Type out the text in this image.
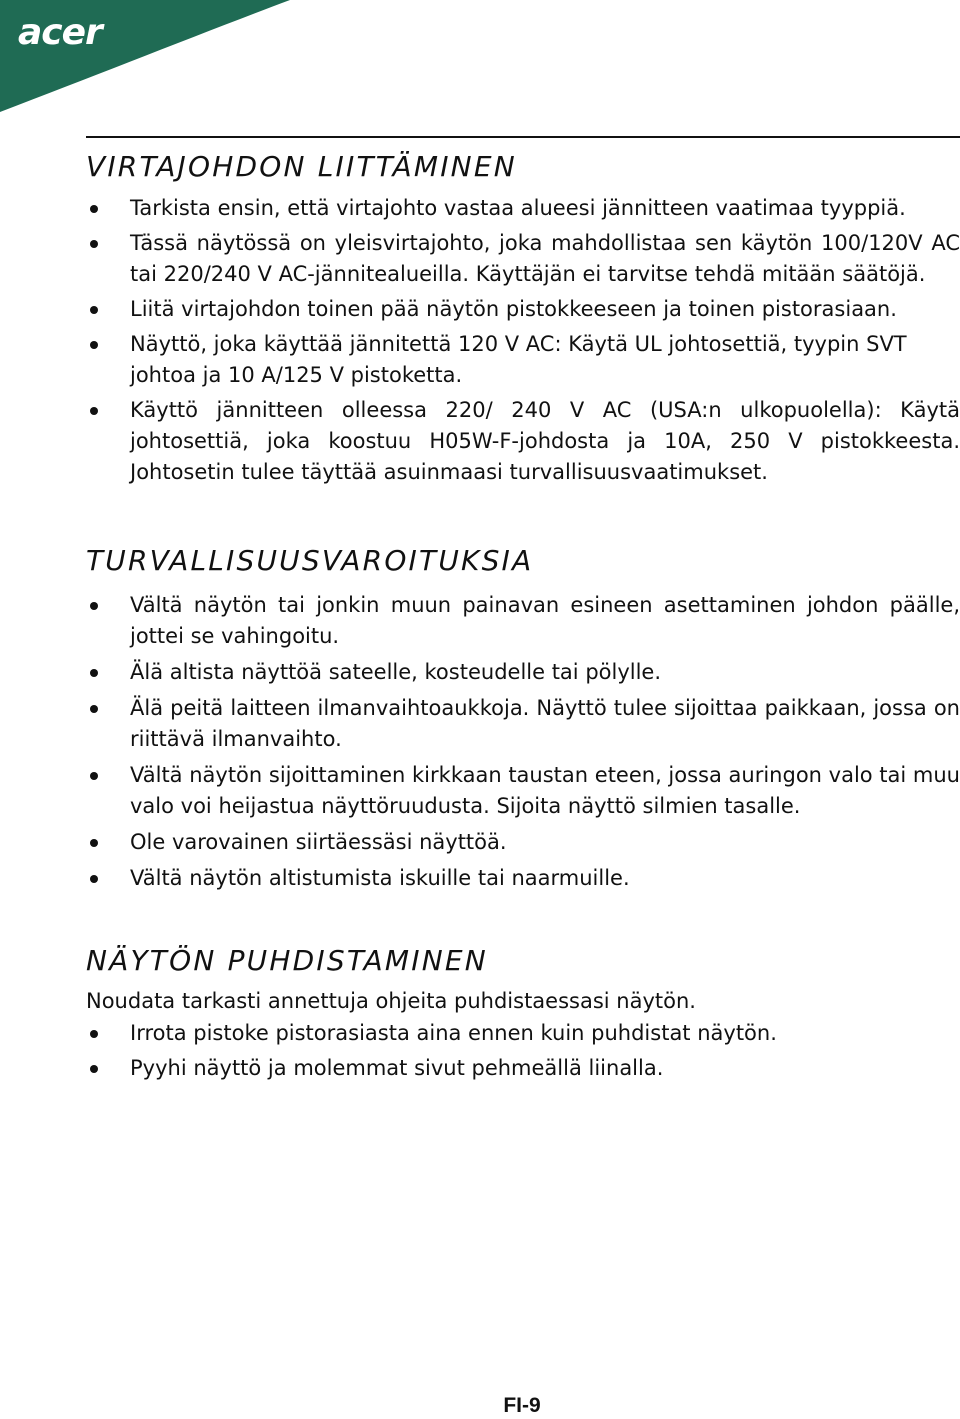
acer
VIRTAJOHDON LIITTÄMINEN
Tarkista ensin, että virtajohto vastaa alueesi jännitteen vaatimaa tyyppiä.
Tässä näytössä on yleisvirtajohto, joka mahdollistaa sen käytön 100/120V AC tai 220/240 V AC-jännitealueilla. Käyttäjän ei tarvitse tehdä mitään säätöjä.
Liitä virtajohdon toinen pää näytön pistokkeeseen ja toinen pistorasiaan.
Näyttö, joka käyttää jännitettä 120 V AC: Käytä UL johtosettiä, tyypin SVT johtoa ja 10 A/125 V pistoketta.
Käyttö jännitteen olleessa 220/ 240 V AC (USA:n ulkopuolella): Käytä johtosettiä, joka koostuu H05W-F-johdosta ja 10A, 250 V pistokkeesta. Johtosetin tulee täyttää asuinmaasi turvallisuusvaatimukset.
TURVALLISUUSVAROITUKSIA
Vältä näytön tai jonkin muun painavan esineen asettaminen johdon päälle, jottei se vahingoitu.
Älä altista näyttöä sateelle, kosteudelle tai pölylle.
Älä peitä laitteen ilmanvaihtoaukkoja. Näyttö tulee sijoittaa paikkaan, jossa on riittävä ilmanvaihto.
Vältä näytön sijoittaminen kirkkaan taustan eteen, jossa auringon valo tai muu valo voi heijastua näyttöruudusta. Sijoita näyttö silmien tasalle.
Ole varovainen siirtäessäsi näyttöä.
Vältä näytön altistumista iskuille tai naarmuille.
NÄYTÖN PUHDISTAMINEN

Noudata tarkasti annettuja ohjeita puhdistaessasi näytön.

Irrota pistoke pistorasiasta aina ennen kuin puhdistat näytön.
Pyyhi näyttö ja molemmat sivut pehmeällä liinalla.
FI-9
